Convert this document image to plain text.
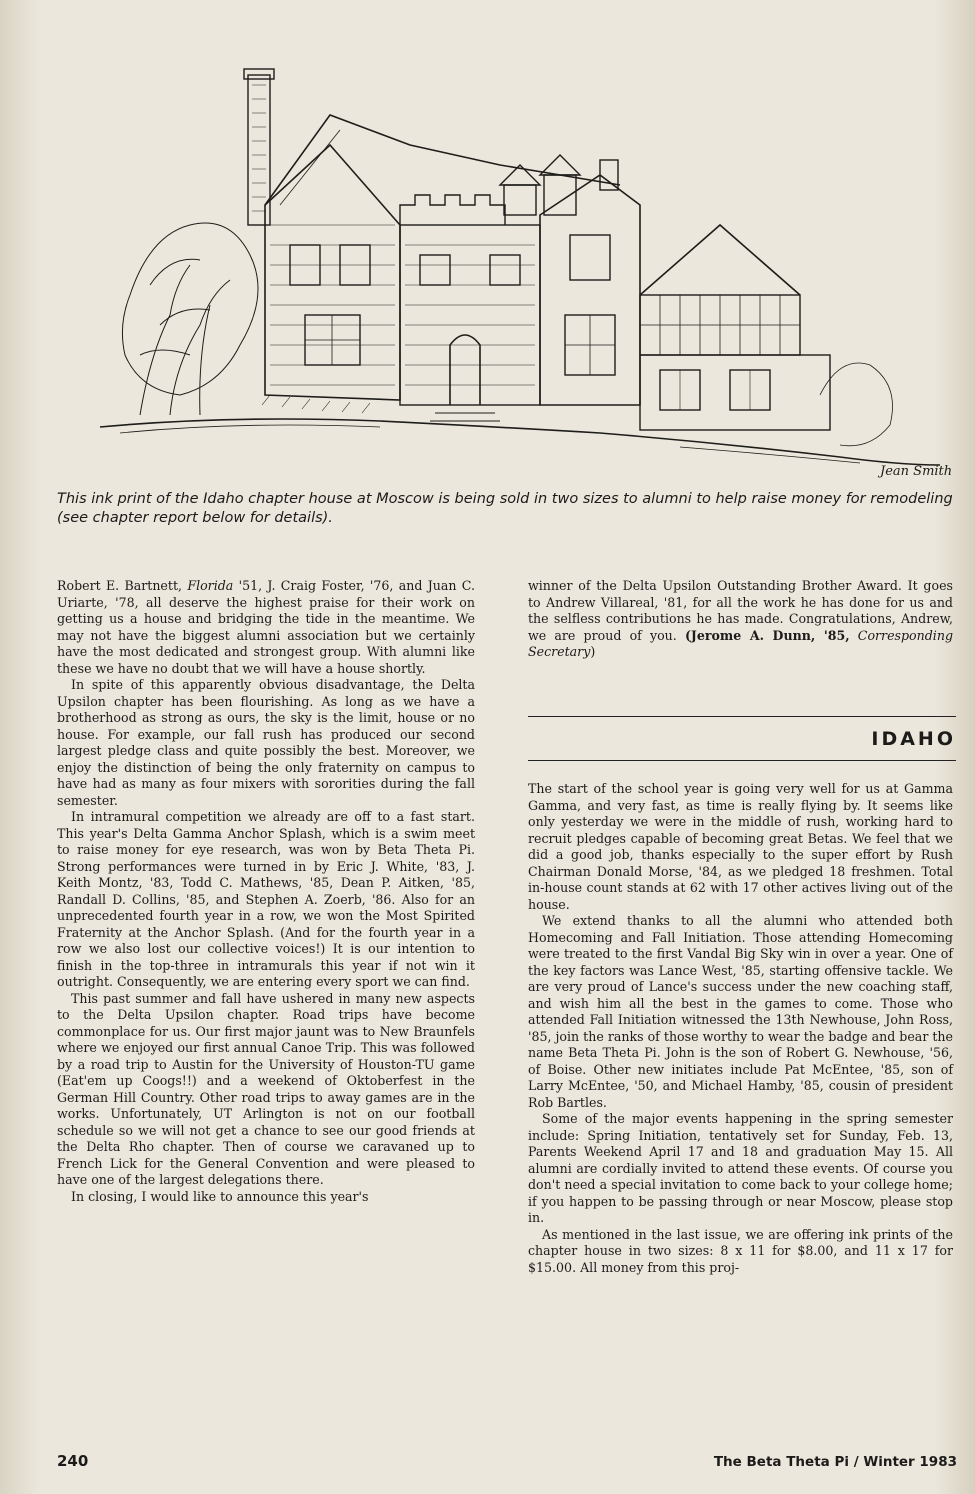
Jean Smith

This ink print of the Idaho chapter house at Moscow is being sold in two sizes to alumni to help raise money for remodeling (see chapter report below for details).

Robert E. Bartnett, Florida '51, J. Craig Foster, '76, and Juan C. Uriarte, '78, all deserve the highest praise for their work on getting us a house and bridging the tide in the meantime. We may not have the biggest alumni association but we certainly have the most dedicated and strongest group. With alumni like these we have no doubt that we will have a house shortly.

In spite of this apparently obvious disadvantage, the Delta Upsilon chapter has been flourishing. As long as we have a brotherhood as strong as ours, the sky is the limit, house or no house. For example, our fall rush has produced our second largest pledge class and quite possibly the best. Moreover, we enjoy the distinction of being the only fraternity on campus to have had as many as four mixers with sororities during the fall semester.

In intramural competition we already are off to a fast start. This year's Delta Gamma Anchor Splash, which is a swim meet to raise money for eye research, was won by Beta Theta Pi. Strong performances were turned in by Eric J. White, '83, J. Keith Montz, '83, Todd C. Mathews, '85, Dean P. Aitken, '85, Randall D. Collins, '85, and Stephen A. Zoerb, '86. Also for an unprecedented fourth year in a row, we won the Most Spirited Fraternity at the Anchor Splash. (And for the fourth year in a row we also lost our collective voices!) It is our intention to finish in the top-three in intramurals this year if not win it outright. Consequently, we are entering every sport we can find.

This past summer and fall have ushered in many new aspects to the Delta Upsilon chapter. Road trips have become commonplace for us. Our first major jaunt was to New Braunfels where we enjoyed our first annual Canoe Trip. This was followed by a road trip to Austin for the University of Houston-TU game (Eat'em up Coogs!!) and a weekend of Oktoberfest in the German Hill Country. Other road trips to away games are in the works. Unfortunately, UT Arlington is not on our football schedule so we will not get a chance to see our good friends at the Delta Rho chapter. Then of course we caravaned up to French Lick for the General Convention and were pleased to have one of the largest delegations there.

In closing, I would like to announce this year's

winner of the Delta Upsilon Outstanding Brother Award. It goes to Andrew Villareal, '81, for all the work he has done for us and the selfless contributions he has made. Congratulations, Andrew, we are proud of you. (Jerome A. Dunn, '85, Corresponding Secretary)

IDAHO

The start of the school year is going very well for us at Gamma Gamma, and very fast, as time is really flying by. It seems like only yesterday we were in the middle of rush, working hard to recruit pledges capable of becoming great Betas. We feel that we did a good job, thanks especially to the super effort by Rush Chairman Donald Morse, '84, as we pledged 18 freshmen. Total in-house count stands at 62 with 17 other actives living out of the house.

We extend thanks to all the alumni who attended both Homecoming and Fall Initiation. Those attending Homecoming were treated to the first Vandal Big Sky win in over a year. One of the key factors was Lance West, '85, starting offensive tackle. We are very proud of Lance's success under the new coaching staff, and wish him all the best in the games to come. Those who attended Fall Initiation witnessed the 13th Newhouse, John Ross, '85, join the ranks of those worthy to wear the badge and bear the name Beta Theta Pi. John is the son of Robert G. Newhouse, '56, of Boise. Other new initiates include Pat McEntee, '85, son of Larry McEntee, '50, and Michael Hamby, '85, cousin of president Rob Bartles.

Some of the major events happening in the spring semester include: Spring Initiation, tentatively set for Sunday, Feb. 13, Parents Weekend April 17 and 18 and graduation May 15. All alumni are cordially invited to attend these events. Of course you don't need a special invitation to come back to your college home; if you happen to be passing through or near Moscow, please stop in.

As mentioned in the last issue, we are offering ink prints of the chapter house in two sizes: 8 x 11 for $8.00, and 11 x 17 for $15.00. All money from this proj-

240	The Beta Theta Pi / Winter 1983
